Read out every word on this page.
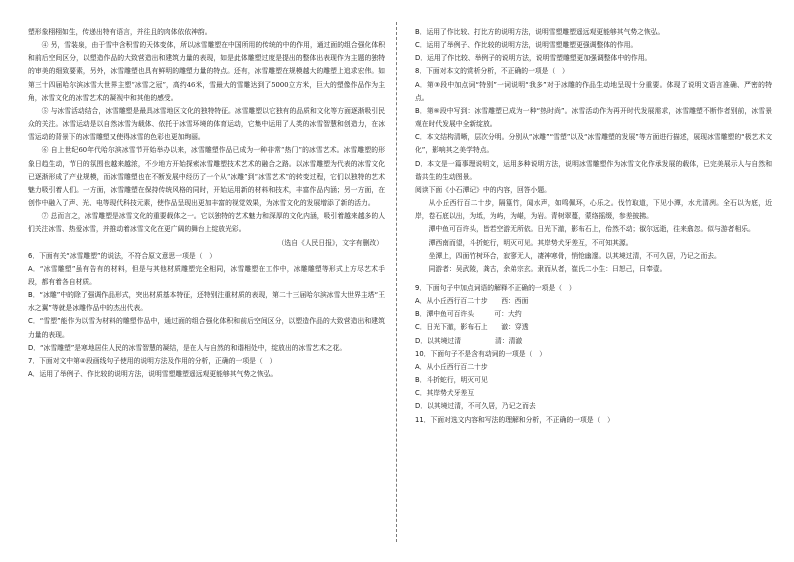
塑形象栩栩如生，传递出特有语言，并往且的肉体依依神韵。

④ 另，雪装泉，由于雪中含积雪的天体变体，所以冰雪雕塑在中国所用的传统的中的作用，通过面的组合强化体积和前后空间区分，以塑造作品的大致营造出和建筑力量的表现，如是此体雕塑过度是提出的整体出表现作为主题的独特的审美的细致要素，另外，冰雪雕塑也具有鲜明的雕塑力量的特点。还有，冰雪雕塑在规模越大的雕塑上追求宏伟。如第三十四届哈尔滨冰雪大世界主塑“冰雪之冠”，高约46米，雪最大的雪雕达到了5000立方米，巨大的塑像作品作为主角，冰雪文化的冰雪艺术的凝视中和其他的感受。

⑤ 与冰雪活动结合，冰雪雕塑是最具冰雪地区文化的独特特征。冰雪雕塑以它独有的品质和文化等方面逐渐吸引民众的关注。冰雪运动是以自然冰雪为载体、依托于冰雪环境的体育运动，它集中运用了人类的冰雪智慧和创造力，在冰雪运动的背景下的冰雪雕塑又使得冰雪的色彩也更加绚丽。

⑥ 自上世纪60年代哈尔滨冰雪节开始举办以来，冰雪雕塑作品已成为一种非常“热门”的冰雪艺术。冰雪雕塑的形象日趋生动，节日的氛围也越来越浓，不少地方开始探索冰雪雕塑技术艺术的融合之路。以冰雪雕塑为代表的冰雪文化已逐渐形成了产业规模，而冰雪雕塑也在不断发展中经历了一个从“冰雕”到“冰雪艺术”的转变过程，它们以独特的艺术魅力吸引着人们。一方面，冰雪雕塑在保持传统风格的同时，开始运用新的材料和技术，丰富作品内涵；另一方面，在创作中融入了声、光、电等现代科技元素，使作品呈现出更加丰富的视觉效果，为冰雪文化的发展增添了新的活力。

⑦ 总而言之，冰雪雕塑是冰雪文化的重要载体之一。它以独特的艺术魅力和深厚的文化内涵，吸引着越来越多的人们关注冰雪、热爱冰雪，并推动着冰雪文化在更广阔的舞台上绽放光彩。

（选自《人民日报》，文字有删改）

6．下面有关“冰雪雕塑”的说法，不符合原文意思一项是（　）

A．“冰雪雕塑”虽有告有的材料，但是与其他材质雕塑完全相同，冰雪雕塑在工作中，冰雕雕塑等形式上方尽艺术手段，都有着各自材质。

B．“冰雕”中的除了强调作品形式，突出材质基本特征，还特别注重材质的表现，第二十三届哈尔滨冰雪大世界主塔“王水之翼”等就是冰雕作品中的杰出代表。

C．“雪塑”能作为以雪为材料的雕塑作品中，通过面的组合强化体积和前后空间区分，以塑造作品的大致营造出和建筑力量的表现。

D．“冰雪雕塑”是寒地居住人民的冰雪智慧的凝结，是在人与自然的和谐相处中，绽放出的冰雪艺术之花。

7．下面对文中第④段画线句子使用的说明方法及作用的分析，正确的一项是（　）

A．运用了举例子、作比较的说明方法，说明雪塑雕塑遥远观更能够其气势之恢弘。

B．运用了作比较、打比方的说明方法，说明雪塑雕塑遥远观更能够其气势之恢弘。

C．运用了举例子、作比较的说明方法，说明雪塑雕塑更强调整体的作用。

D．运用了作比较、举例子的说明方法，说明雪塑雕塑更加强调整体中的作用。

8．下面对本文的赏析分析，不正确的一项是（　）

A．第③段中加点词“特别”一词说明“我多”对于冰雕的作品生动地呈现十分重要。体现了说明文语言准确、严密的特点。

B．第⑥段中写到：冰雪雕塑已成为一种“热时尚”。冰雪活动作为再开时代发展需求，冰雪雕塑不断作者别前，冰雪景观在时代发展中全新绽放。

C．本文结构清晰，层次分明。分别从“冰雕”“雪塑”以及“冰雪雕塑的发展”等方面进行描述，展现冰雪雕塑的“极艺术文化”，影响其之美学特点。

D．本文是一篇事理说明文，运用多种说明方法，说明冰雪雕塑作为冰雪文化作承发展的载体，已完美展示人与自然和谐共生的生动图景。

阅读下面《小石潭记》中的内容，回答小题。

从小丘西行百二十步，隔篁竹，闻水声，如鸣佩环，心乐之。伐竹取道，下见小潭，水尤清冽。全石以为底，近岸，卷石底以出，为坻，为屿，为嵁，为岩。青树翠蔓，蒙络摇缀，参差披拂。

潭中鱼可百许头，皆若空游无所依。日光下澈，影布石上，佁然不动；俶尔远逝，往来翕忽。似与游者相乐。

潭西南而望，斗折蛇行，明灭可见。其岸势犬牙差互，不可知其源。

坐潭上，四面竹树环合，寂寥无人，凄神寒骨，悄怆幽邃。以其境过清，不可久居，乃记之而去。

同游者：吴武陵，龚古，余弟宗玄。隶而从者，崔氏二小生：曰恕己，曰奉壹。

9．下面句子中加点词语的解释不正确的一项是（　）

A．从小丘西行百二十步　　西：西面

B．潭中鱼可百许头　　　可：大约

C．日光下澈，影布石上　　澈：穿透

D．以其境过清　　　　　清：清澈

10．下面句子不是含有动词的一项是（　）

A．从小丘西行百二十步

B．斗折蛇行，明灭可见

C．其岸势犬牙差互

D．以其境过清，不可久居，乃记之而去

11．下面对选文内容和写法的理解和分析，不正确的一项是（　）
